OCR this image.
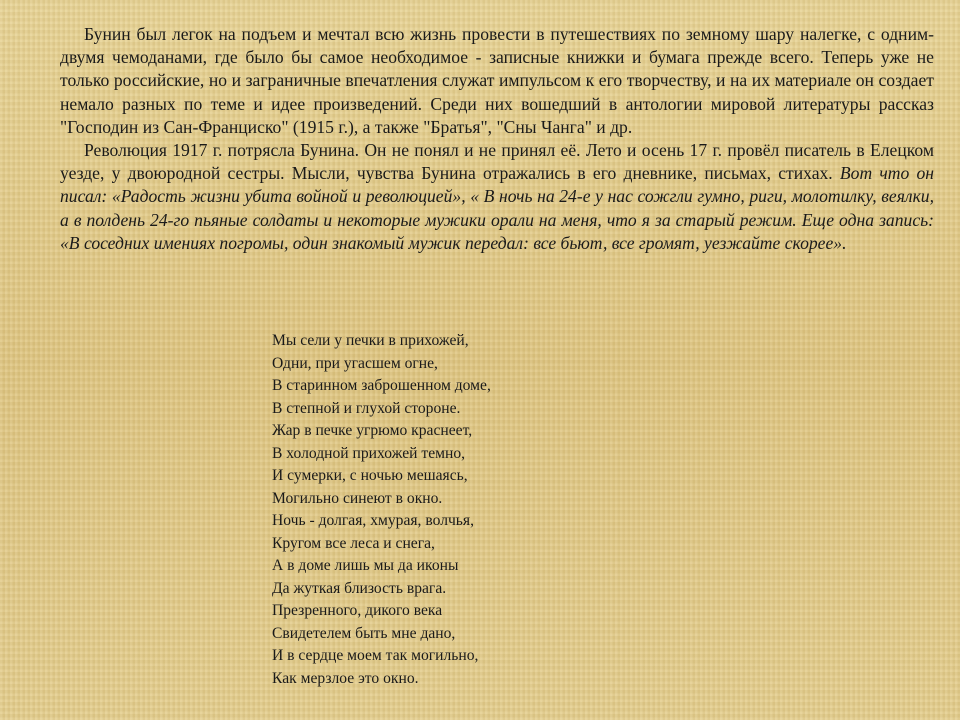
Бунин был легок на подъем и мечтал всю жизнь провести в путешествиях по земному шару налегке, с одним-двумя чемоданами, где было бы самое необходимое - записные книжки и бумага прежде всего. Теперь уже не только российские, но и заграничные впечатления служат импульсом к его творчеству, и на их материале он создает немало разных по теме и идее произведений. Среди них вошедший в антологии мировой литературы рассказ "Господин из Сан-Франциско" (1915 г.), а также "Братья", "Сны Чанга" и др.

Революция 1917 г. потрясла Бунина. Он не понял и не принял её. Лето и осень 17 г. провёл писатель в Елецком уезде, у двоюродной сестры. Мысли, чувства Бунина отражались в его дневнике, письмах, стихах. Вот что он писал: «Радость жизни убита войной и революцией», « В ночь на 24-е у нас сожгли гумно, риги, молотилку, веялки, а в полдень 24-го пьяные солдаты и некоторые мужики орали на меня, что я за старый режим. Еще одна запись: «В соседних имениях погромы, один знакомый мужик передал: все бьют, все громят, уезжайте скорее».

Мы сели у печки в прихожей,
Одни, при угасшем огне,
В старинном заброшенном доме,
В степной и глухой стороне.
Жар в печке угрюмо краснеет,
В холодной прихожей темно,
И сумерки, с ночью мешаясь,
Могильно синеют в окно.
Ночь - долгая, хмурая, волчья,
Кругом все леса и снега,
А в доме лишь мы да иконы
Да жуткая близость врага.
Презренного, дикого века
Свидетелем быть мне дано,
И в сердце моем так могильно,
Как мерзлое это окно.
